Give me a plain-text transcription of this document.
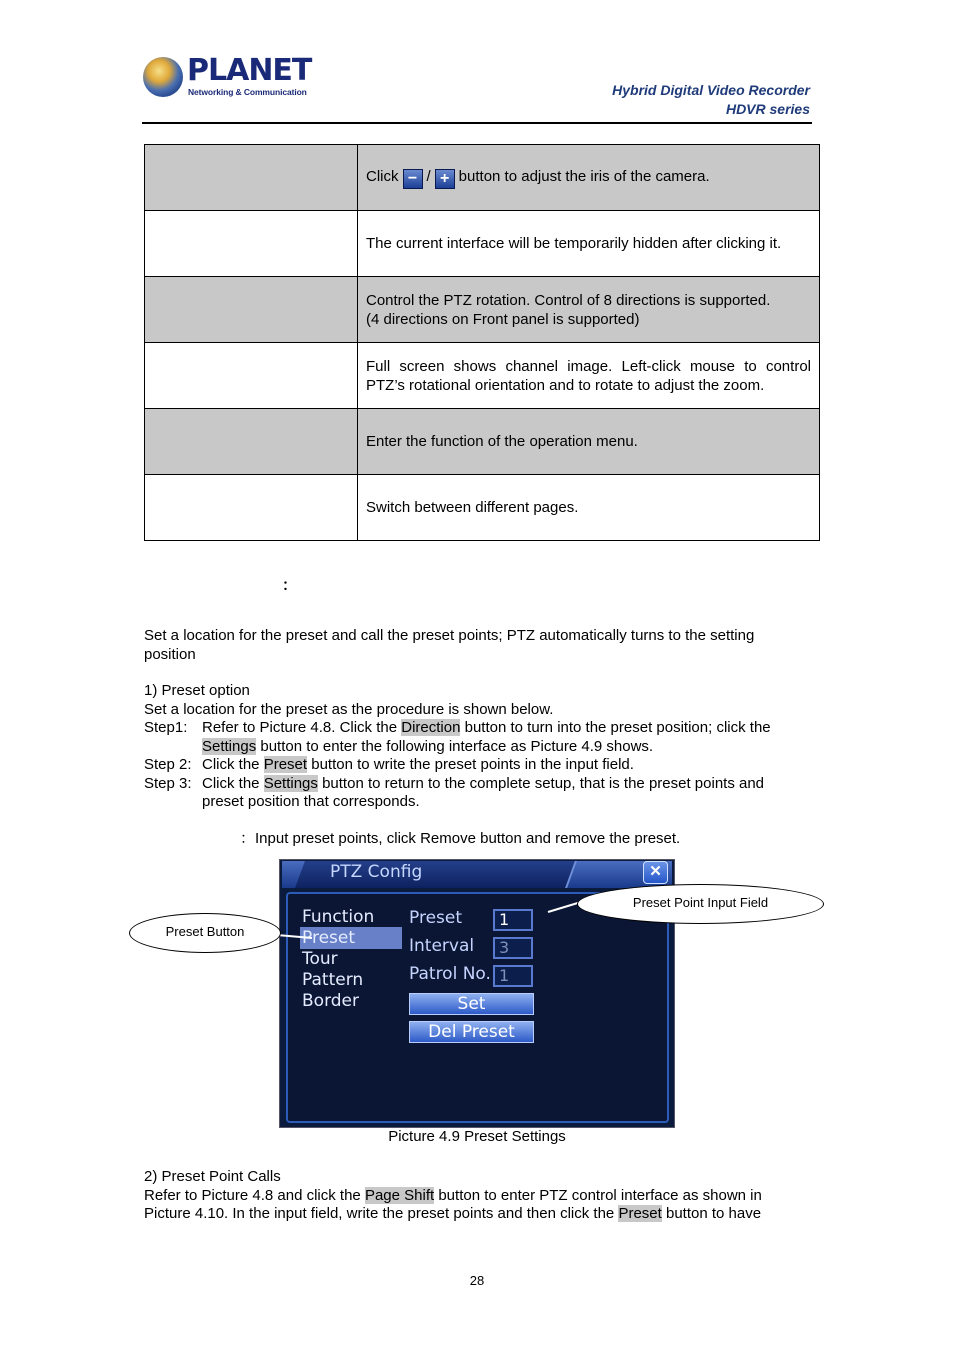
PLANET
Networking & Communication	Hybrid Digital Video Recorder
HDVR series
	Click − / + button to adjust the iris of the camera.
	The current interface will be temporarily hidden after clicking it.

	Control the PTZ rotation. Control of 8 directions is supported.
(4 directions on Front panel is supported)

	Full screen shows channel image. Left-click mouse to control
PTZ’s rotational orientation and to rotate to adjust the zoom.

	Enter the function of the operation menu.
	Switch between different pages.
：
Set a location for the preset and call the preset points; PTZ automatically turns to the setting
position
1) Preset option
Set a location for the preset as the procedure is shown below.
Step1: Refer to Picture 4.8. Click the Direction button to turn into the preset position; click the
Settings button to enter the following interface as Picture 4.9 shows.
Step 2: Click the Preset button to write the preset points in the input field.
Step 3: Click the Settings button to return to the complete setup, that is the preset points and
preset position that corresponds.
：Input preset points, click Remove button and remove the preset.
PTZ Config	✕
Function
Preset
Tour
Pattern
Border
Preset	1
Interval	3
Patrol No. 1
Set
Del Preset
Preset Button
Preset Point Input Field
Picture 4.9 Preset Settings
2) Preset Point Calls
Refer to Picture 4.8 and click the Page Shift button to enter PTZ control interface as shown in
Picture 4.10. In the input field, write the preset points and then click the Preset button to have
28
